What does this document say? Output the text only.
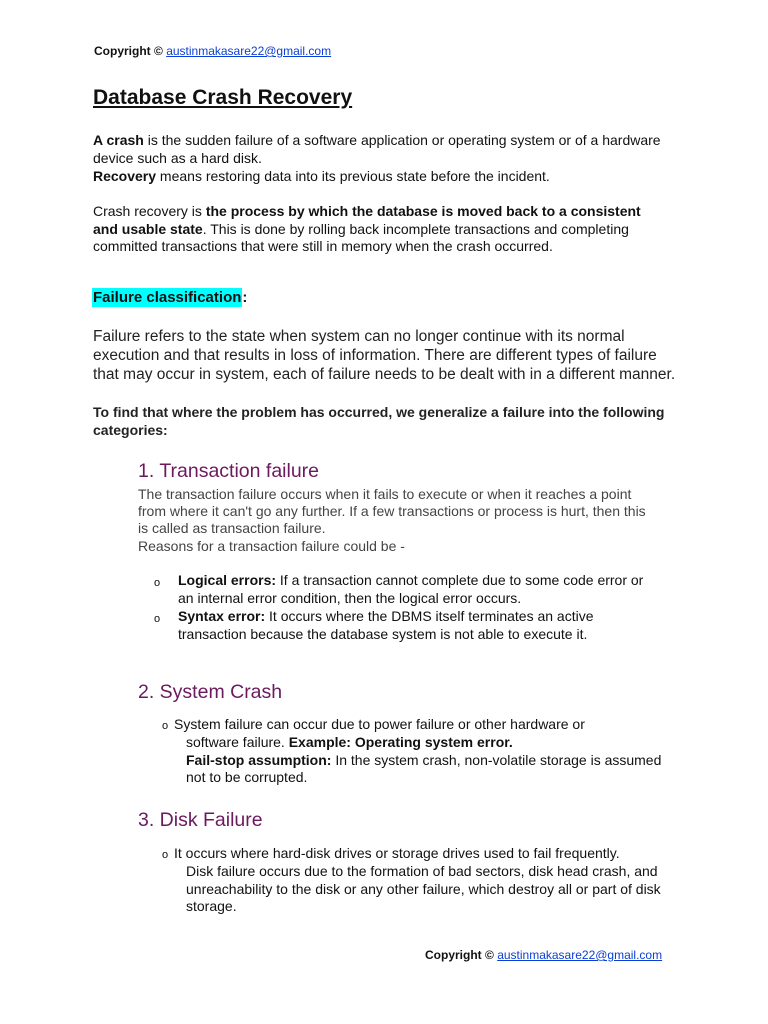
Copyright © austinmakasare22@gmail.com
Database Crash Recovery

A crash is the sudden failure of a software application or operating system or of a hardware device such as a hard disk.

Recovery means restoring data into its previous state before the incident.

Crash recovery is the process by which the database is moved back to a consistent and usable state. This is done by rolling back incomplete transactions and completing committed transactions that were still in memory when the crash occurred.

Failure classification:

Failure refers to the state when system can no longer continue with its normal execution and that results in loss of information. There are different types of failure that may occur in system, each of failure needs to be dealt with in a different manner.

To find that where the problem has occurred, we generalize a failure into the following categories:

1. Transaction failure

The transaction failure occurs when it fails to execute or when it reaches a point from where it can't go any further. If a few transactions or process is hurt, then this is called as transaction failure.
Reasons for a transaction failure could be -

o Logical errors: If a transaction cannot complete due to some code error or an internal error condition, then the logical error occurs.
o Syntax error: It occurs where the DBMS itself terminates an active transaction because the database system is not able to execute it.
2. System Crash

o System failure can occur due to power failure or other hardware or

software failure. Example: Operating system error.
Fail-stop assumption: In the system crash, non-volatile storage is assumed not to be corrupted.

3. Disk Failure

o It occurs where hard-disk drives or storage drives used to fail frequently.

Disk failure occurs due to the formation of bad sectors, disk head crash, and unreachability to the disk or any other failure, which destroy all or part of disk storage.

Copyright © austinmakasare22@gmail.com
